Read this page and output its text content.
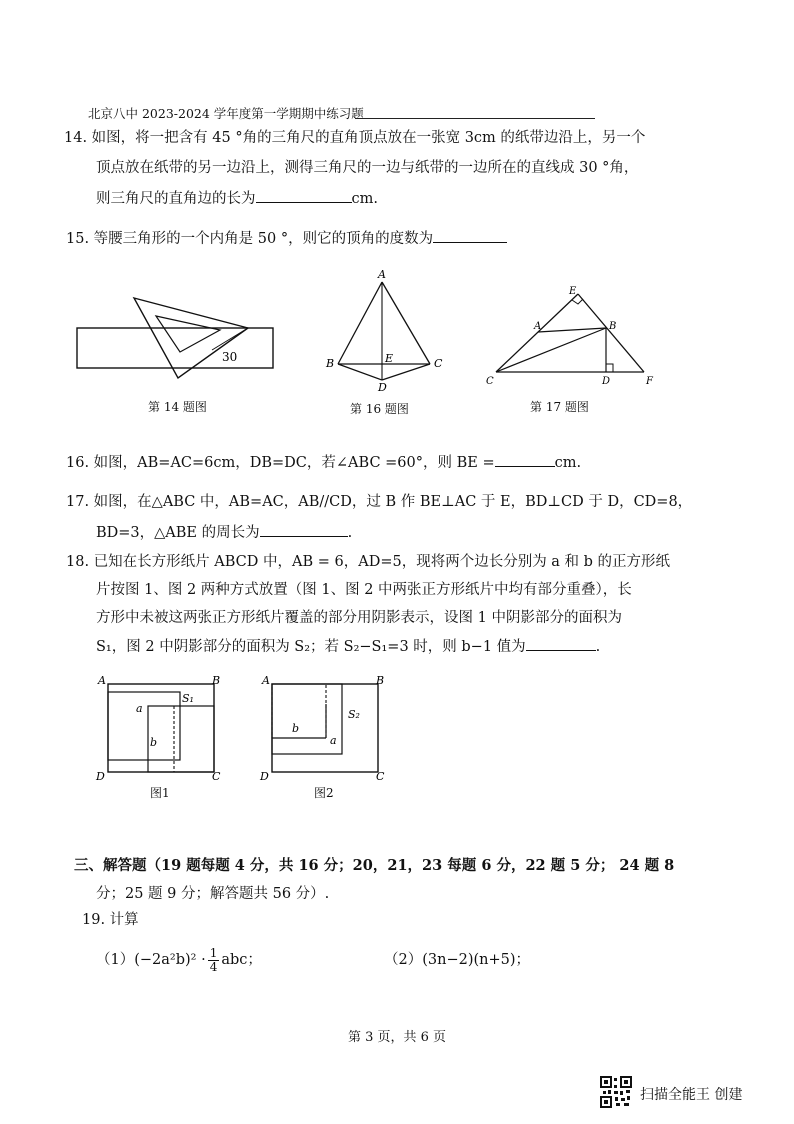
北京八中 2023-2024 学年度第一学期期中练习题
14. 如图，将一把含有 45 °角的三角尺的直角顶点放在一张宽 3cm 的纸带边沿上，另一个
顶点放在纸带的另一边沿上，测得三角尺的一边与纸带的一边所在的直线成 30 °角，
则三角尺的直角边的长为	cm.
15. 等腰三角形的一个内角是 50 °，则它的顶角的度数为
30
第 14 题图
A
B	C
E
D
第 16 题图
E
A	B
C	D	F
第 17 题图
16. 如图，AB=AC=6cm，DB=DC，若∠ABC =60°，则 BE =	cm.
17. 如图，在△ABC 中，AB=AC，AB//CD，过 B 作 BE⊥AC 于 E，BD⊥CD 于 D，CD=8，
BD=3，△ABE 的周长为	.
18. 已知在长方形纸片 ABCD 中，AB = 6，AD=5，现将两个边长分别为 a 和 b 的正方形纸
片按图 1、图 2 两种方式放置（图 1、图 2 中两张正方形纸片中均有部分重叠），长
方形中未被这两张正方形纸片覆盖的部分用阴影表示，设图 1 中阴影部分的面积为
S₁，图 2 中阴影部分的面积为 S₂；若 S₂−S₁=3 时，则 b−1 值为	.
A	B
D	C
a
b
S₁
图1
A	B
D	C
b
a
S₂
图2
三、解答题（19 题每题 4 分，共 16 分；20，21，23 每题 6 分，22 题 5 分； 24 题 8
分；25 题 9 分；解答题共 56 分）.
19. 计算
$(1)(-2a^2b)^2 \cdot \frac{1}{4}$ abc；	（2）(3n−2)(n+5)；
第 3 页，共 6 页
扫描全能王 创建
